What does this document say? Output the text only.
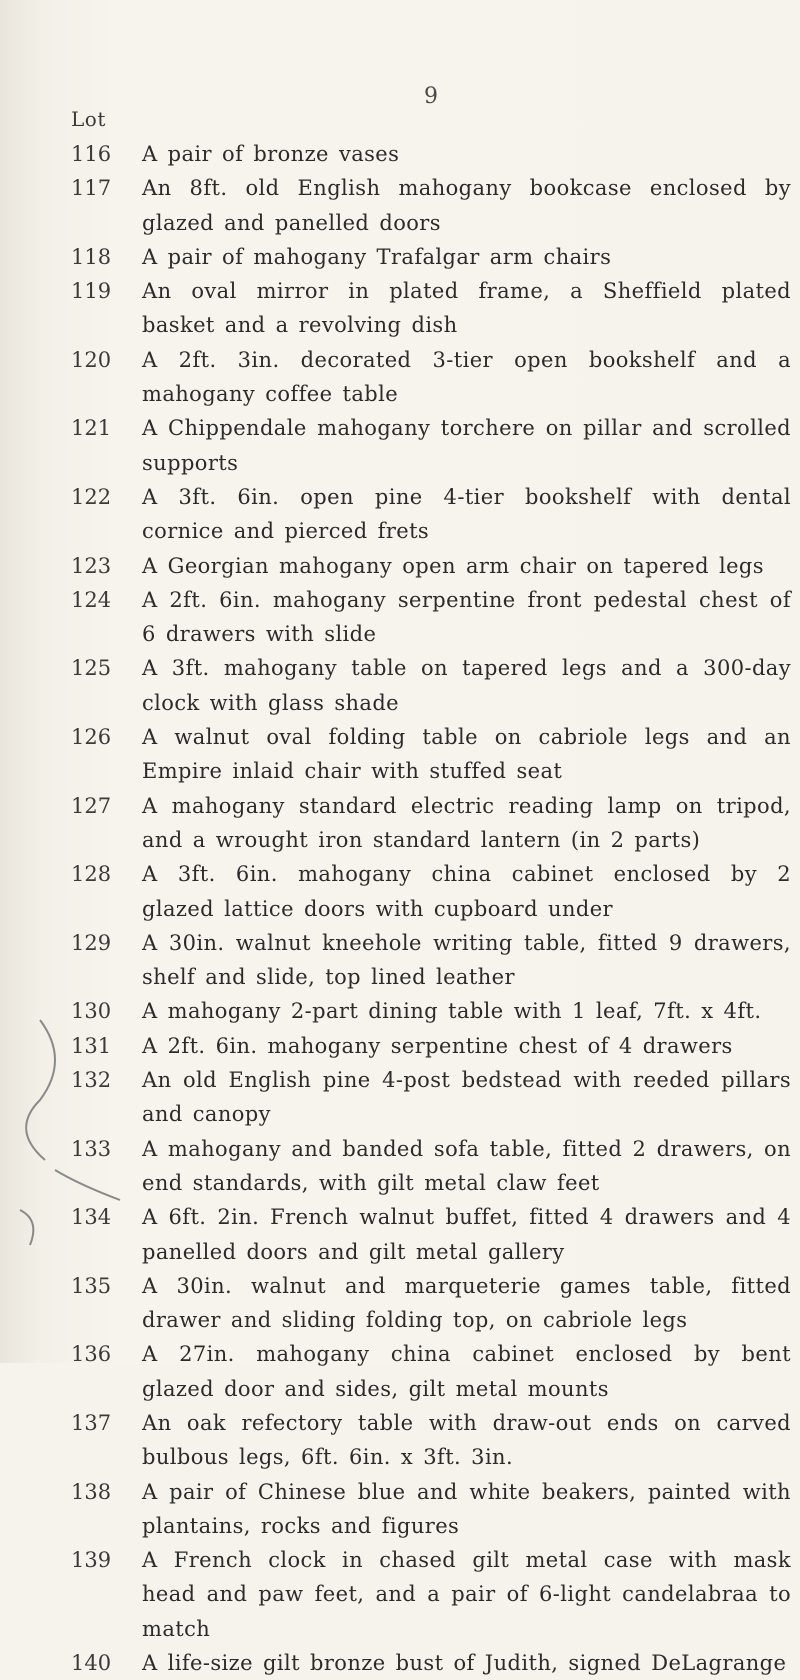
9
Lot
116	A pair of bronze vases
117	An 8ft. old English mahogany bookcase enclosed by glazed and panelled doors
118	A pair of mahogany Trafalgar arm chairs
119	An oval mirror in plated frame, a Sheffield plated basket and a revolving dish
120	A 2ft. 3in. decorated 3-tier open bookshelf and a mahogany coffee table
121	A Chippendale mahogany torchere on pillar and scrolled supports
122	A 3ft. 6in. open pine 4-tier bookshelf with dental cornice and pierced frets
123	A Georgian mahogany open arm chair on tapered legs
124	A 2ft. 6in. mahogany serpentine front pedestal chest of 6 drawers with slide
125	A 3ft. mahogany table on tapered legs and a 300-day clock with glass shade
126	A walnut oval folding table on cabriole legs and an Empire inlaid chair with stuffed seat
127	A mahogany standard electric reading lamp on tripod, and a wrought iron standard lantern (in 2 parts)
128	A 3ft. 6in. mahogany china cabinet enclosed by 2 glazed lattice doors with cupboard under
129	A 30in. walnut kneehole writing table, fitted 9 drawers, shelf and slide, top lined leather
130	A mahogany 2-part dining table with 1 leaf, 7ft. x 4ft.
131	A 2ft. 6in. mahogany serpentine chest of 4 drawers
132	An old English pine 4-post bedstead with reeded pillars and canopy
133	A mahogany and banded sofa table, fitted 2 drawers, on end standards, with gilt metal claw feet
134	A 6ft. 2in. French walnut buffet, fitted 4 drawers and 4 panelled doors and gilt metal gallery
135	A 30in. walnut and marqueterie games table, fitted drawer and sliding folding top, on cabriole legs
136	A 27in. mahogany china cabinet enclosed by bent glazed door and sides, gilt metal mounts
137	An oak refectory table with draw-out ends on carved bulbous legs, 6ft. 6in. x 3ft. 3in.
138	A pair of Chinese blue and white beakers, painted with plantains, rocks and figures
139	A French clock in chased gilt metal case with mask head and paw feet, and a pair of 6-light candelabraa to match
140	A life-size gilt bronze bust of Judith, signed DeLagrange
